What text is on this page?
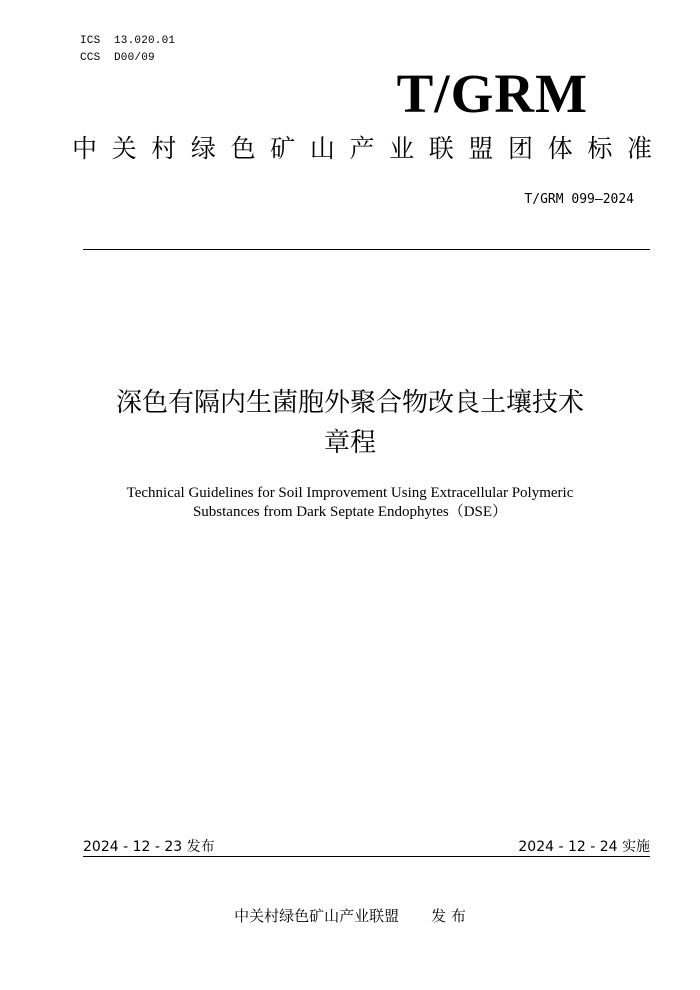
ICS  13.020.01
CCS  D00/09
T/GRM
中 关 村 绿 色 矿 山 产 业 联 盟 团 体 标 准
T/GRM 099—2024
深色有隔内生菌胞外聚合物改良土壤技术
章程
Technical Guidelines for Soil Improvement Using Extracellular Polymeric
Substances from Dark Septate Endophytes（DSE）
2024 - 12 - 23 发布	2024 - 12 - 24 实施
中关村绿色矿山产业联盟 发 布
